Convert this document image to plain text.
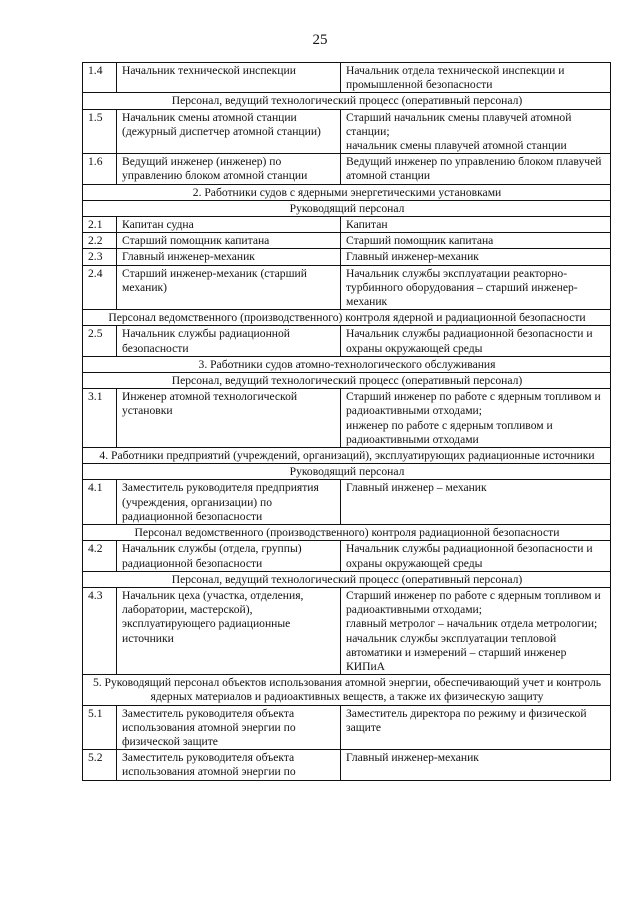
25
1.4	Начальник технической инспекции	Начальник отдела технической инспекции и промышленной безопасности
Персонал, ведущий технологический процесс (оперативный персонал)		
1.5	Начальник смены атомной станции (дежурный диспетчер атомной станции)	Старший начальник смены плавучей атомной станции;
начальник смены плавучей атомной станции
1.6	Ведущий инженер (инженер) по управлению блоком атомной станции	Ведущий инженер по управлению блоком плавучей атомной станции
2. Работники судов с ядерными энергетическими установками		
Руководящий персонал		
2.1	Капитан судна	Капитан
2.2	Старший помощник капитана	Старший помощник капитана
2.3	Главный инженер-механик	Главный инженер-механик
2.4	Старший инженер-механик (старший механик)	Начальник службы эксплуатации реакторно-турбинного оборудования – старший инженер-механик
Персонал ведомственного (производственного) контроля ядерной и радиационной безопасности		
2.5	Начальник службы радиационной безопасности	Начальник службы радиационной безопасности и охраны окружающей среды
3. Работники судов атомно-технологического обслуживания		
Персонал, ведущий технологический процесс (оперативный персонал)		
3.1	Инженер атомной технологической установки	Старший инженер по работе с ядерным топливом и радиоактивными отходами;
инженер по работе с ядерным топливом и радиоактивными отходами
4. Работники предприятий (учреждений, организаций), эксплуатирующих радиационные источники		
Руководящий персонал		
4.1	Заместитель руководителя предприятия (учреждения, организации) по радиационной безопасности	Главный инженер – механик
Персонал ведомственного (производственного) контроля радиационной безопасности		
4.2	Начальник службы (отдела, группы) радиационной безопасности	Начальник службы радиационной безопасности и охраны окружающей среды
Персонал, ведущий технологический процесс (оперативный персонал)		
4.3	Начальник цеха (участка, отделения, лаборатории, мастерской), эксплуатирующего радиационные источники	Старший инженер по работе с ядерным топливом и радиоактивными отходами;
главный метролог – начальник отдела метрологии;
начальник службы эксплуатации тепловой автоматики и измерений – старший инженер КИПиА
5. Руководящий персонал объектов использования атомной энергии, обеспечивающий учет и контроль ядерных материалов и радиоактивных веществ, а также их физическую защиту		
5.1	Заместитель руководителя объекта использования атомной энергии по физической защите	Заместитель директора по режиму и физической защите
5.2	Заместитель руководителя объекта использования атомной энергии по	Главный инженер-механик
